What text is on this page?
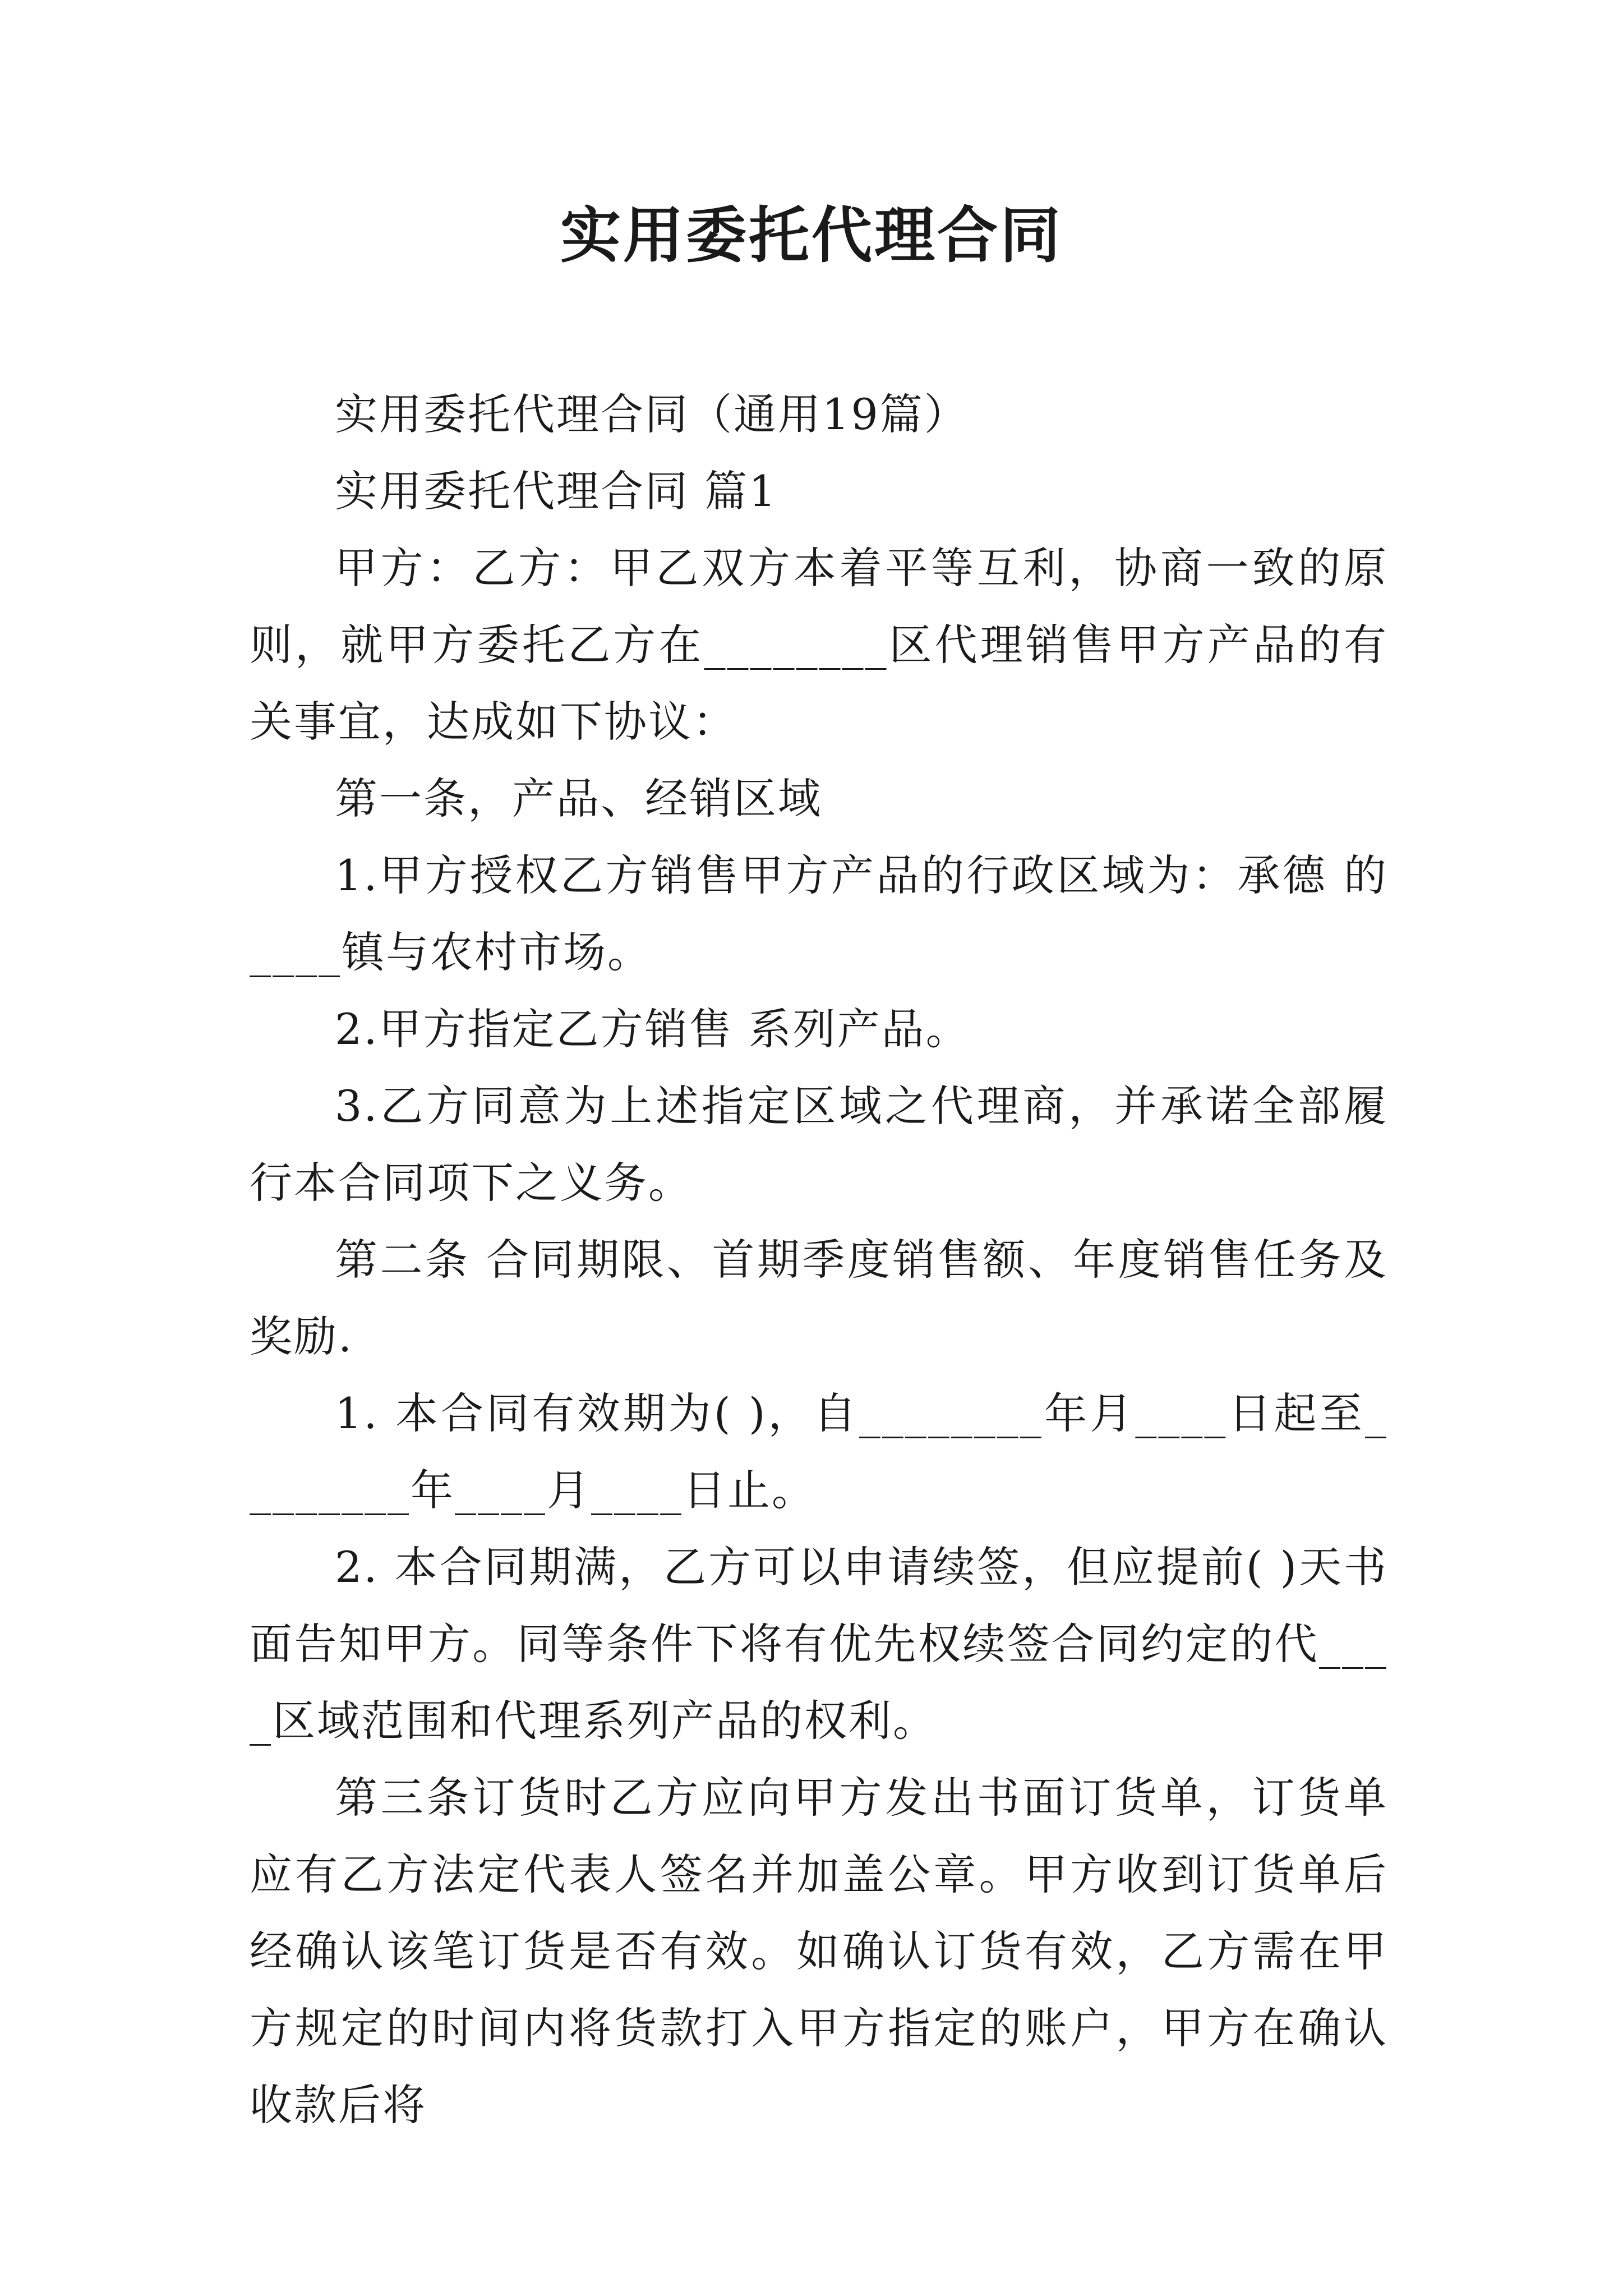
实用委托代理合同

实用委托代理合同（通用19篇）

实用委托代理合同 篇1

甲方：乙方：甲乙双方本着平等互利，协商一致的原则，就甲方委托乙方在________区代理销售甲方产品的有关事宜，达成如下协议：

第一条，产品、经销区域

1.甲方授权乙方销售甲方产品的行政区域为：承德 的____镇与农村市场。

2.甲方指定乙方销售 系列产品。

3.乙方同意为上述指定区域之代理商，并承诺全部履行本合同项下之义务。

第二条 合同期限、首期季度销售额、年度销售任务及奖励.

1. 本合同有效期为( )，自________年月____日起至________年____月____日止。

2. 本合同期满，乙方可以申请续签，但应提前( )天书面告知甲方。同等条件下将有优先权续签合同约定的代____区域范围和代理系列产品的权利。

第三条订货时乙方应向甲方发出书面订货单，订货单应有乙方法定代表人签名并加盖公章。甲方收到订货单后经确认该笔订货是否有效。如确认订货有效，乙方需在甲方规定的时间内将货款打入甲方指定的账户，甲方在确认收款后将
